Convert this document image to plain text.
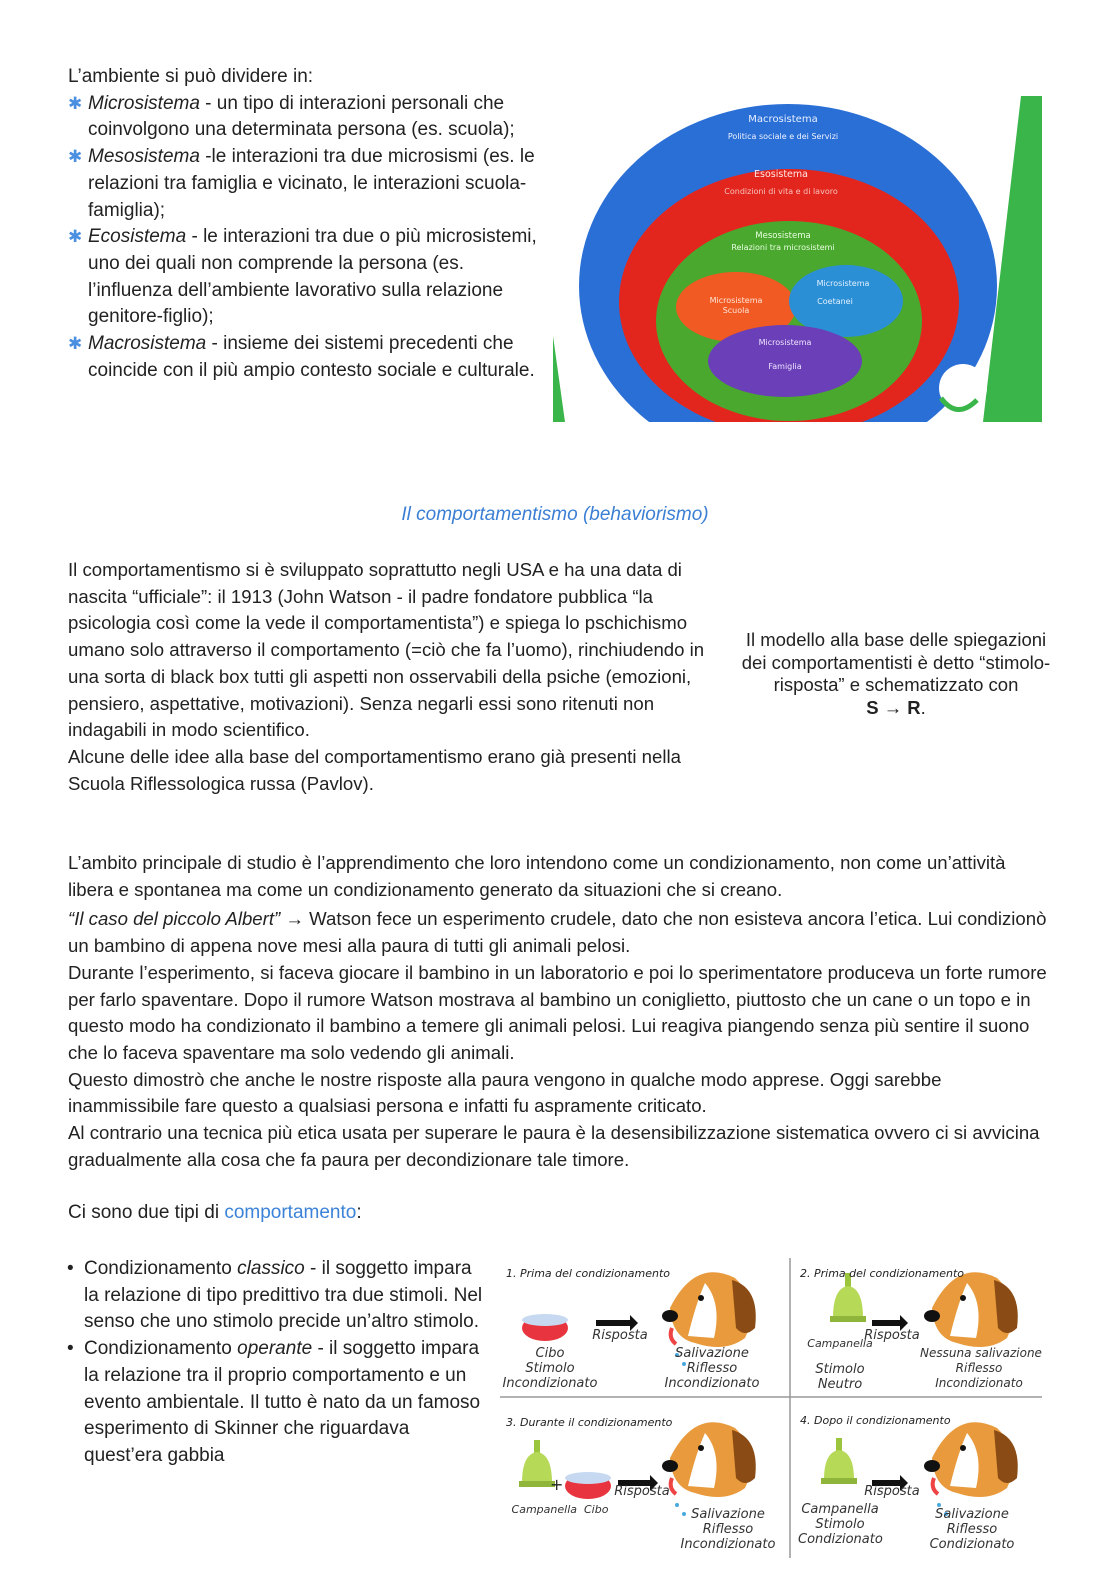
L’ambiente si può dividere in:

✱ Microsistema - un tipo di interazioni personali che coinvolgono una determinata persona (es. scuola);
✱ Mesosistema -le interazioni tra due microsismi (es. le relazioni tra famiglia e vicinato, le interazioni scuola-famiglia);
✱ Ecosistema - le interazioni tra due o più microsistemi, uno dei quali non comprende la persona (es. l’influenza dell’ambiente lavorativo sulla relazione genitore-figlio);
✱ Macrosistema - insieme dei sistemi precedenti che coincide con il più ampio contesto sociale e culturale.
Macrosistema
Politica sociale e dei Servizi
Esosistema
Condizioni di vita e di lavoro
Mesosistema
Relazioni tra microsistemi
Microsistema
Scuola
Microsistema
Coetanei
Microsistema
Famiglia
Il comportamentismo (behaviorismo)

Il comportamentismo si è sviluppato soprattutto negli USA e ha una data di nascita “ufficiale”: il 1913 (John Watson - il padre fondatore pubblica “la psicologia così come la vede il comportamentista”) e spiega lo pschichismo umano solo attraverso il comportamento (=ciò che fa l’uomo), rinchiudendo in una sorta di black box tutti gli aspetti non osservabili della psiche (emozioni, pensiero, aspettative, motivazioni). Senza negarli essi sono ritenuti non indagabili in modo scientifico.

Alcune delle idee alla base del comportamentismo erano già presenti nella Scuola Riflessologica russa (Pavlov).

Il modello alla base delle spiegazioni dei comportamentisti è detto “stimolo-risposta” e schematizzato con

S → R.

L’ambito principale di studio è l’apprendimento che loro intendono come un condizionamento, non come un’attività libera e spontanea ma come un condizionamento generato da situazioni che si creano.

“Il caso del piccolo Albert” → Watson fece un esperimento crudele, dato che non esisteva ancora l’etica. Lui condizionò un bambino di appena nove mesi alla paura di tutti gli animali pelosi.

Durante l’esperimento, si faceva giocare il bambino in un laboratorio e poi lo sperimentatore produceva un forte rumore per farlo spaventare. Dopo il rumore Watson mostrava al bambino un coniglietto, piuttosto che un cane o un topo e in questo modo ha condizionato il bambino a temere gli animali pelosi. Lui reagiva piangendo senza più sentire il suono che lo faceva spaventare ma solo vedendo gli animali.

Questo dimostrò che anche le nostre risposte alla paura vengono in qualche modo apprese. Oggi sarebbe inammissibile fare questo a qualsiasi persona e infatti fu aspramente criticato.

Al contrario una tecnica più etica usata per superare le paura è la desensibilizzazione sistematica ovvero ci si avvicina gradualmente alla cosa che fa paura per decondizionare tale timore.

Ci sono due tipi di comportamento:
• Condizionamento classico - il soggetto impara la relazione di tipo predittivo tra due stimoli. Nel senso che uno stimolo precide un’altro stimolo.
• Condizionamento operante - il soggetto impara la relazione tra il proprio comportamento e un evento ambientale. Il tutto è nato da un famoso esperimento di Skinner che riguardava quest’era gabbia
+
1. Prima del condizionamento
Cibo
Stimolo
Incondizionato
Risposta
Salivazione
Riflesso
Incondizionato
2. Prima del condizionamento
Campanella
Stimolo
Neutro
Risposta
Nessuna salivazione
Riflesso
Incondizionato
3. Durante il condizionamento
Campanella  Cibo
Risposta
Salivazione
Riflesso
Incondizionato
4. Dopo il condizionamento
Campanella
Stimolo
Condizionato
Risposta
Salivazione
Riflesso
Condizionato
